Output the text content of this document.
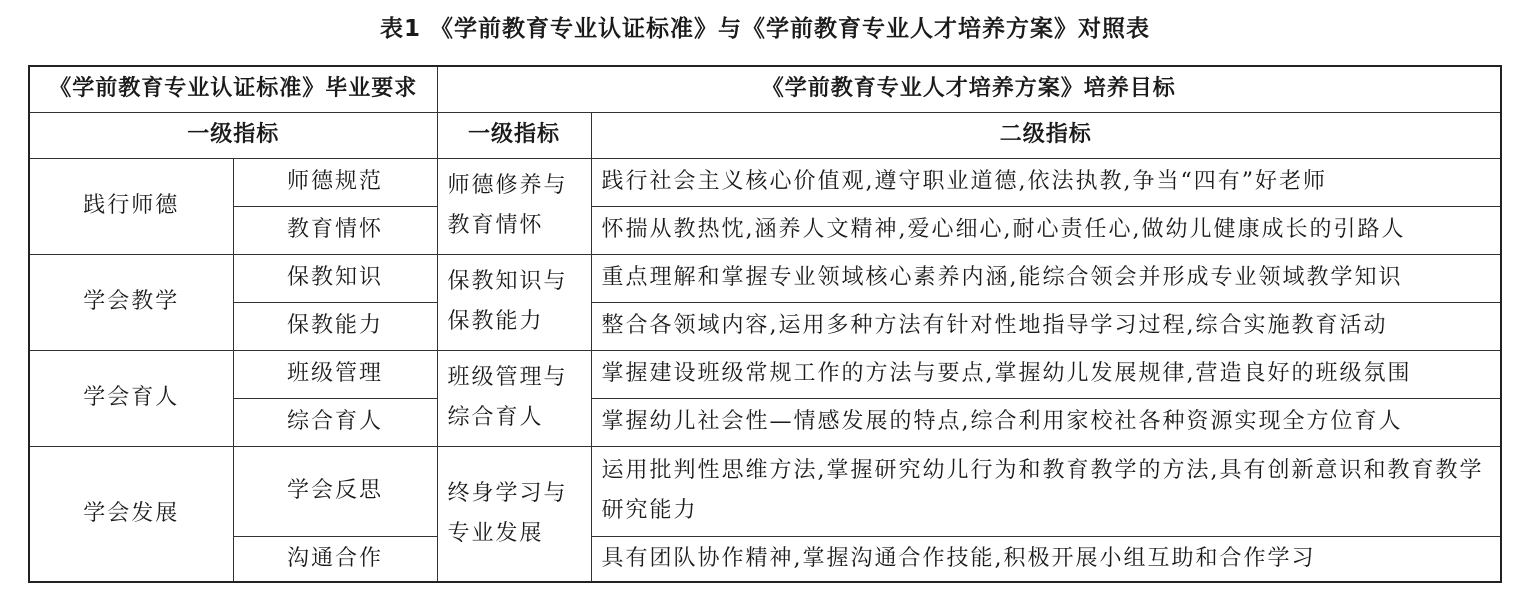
表1 《学前教育专业认证标准》与《学前教育专业人才培养方案》对照表
《学前教育专业认证标准》毕业要求		《学前教育专业人才培养方案》培养目标	
一级指标		一级指标	二级指标
践行师德	师德规范	师德修养与教育情怀	践行社会主义核心价值观,遵守职业道德,依法执教,争当“四有”好老师
	教育情怀		怀揣从教热忱,涵养人文精神,爱心细心,耐心责任心,做幼儿健康成长的引路人
学会教学	保教知识	保教知识与保教能力	重点理解和掌握专业领域核心素养内涵,能综合领会并形成专业领域教学知识
	保教能力		整合各领域内容,运用多种方法有针对性地指导学习过程,综合实施教育活动
学会育人	班级管理	班级管理与综合育人	掌握建设班级常规工作的方法与要点,掌握幼儿发展规律,营造良好的班级氛围
	综合育人		掌握幼儿社会性—情感发展的特点,综合利用家校社各种资源实现全方位育人
学会发展	学会反思	终身学习与专业发展	运用批判性思维方法,掌握研究幼儿行为和教育教学的方法,具有创新意识和教育教学研究能力
	沟通合作		具有团队协作精神,掌握沟通合作技能,积极开展小组互助和合作学习
